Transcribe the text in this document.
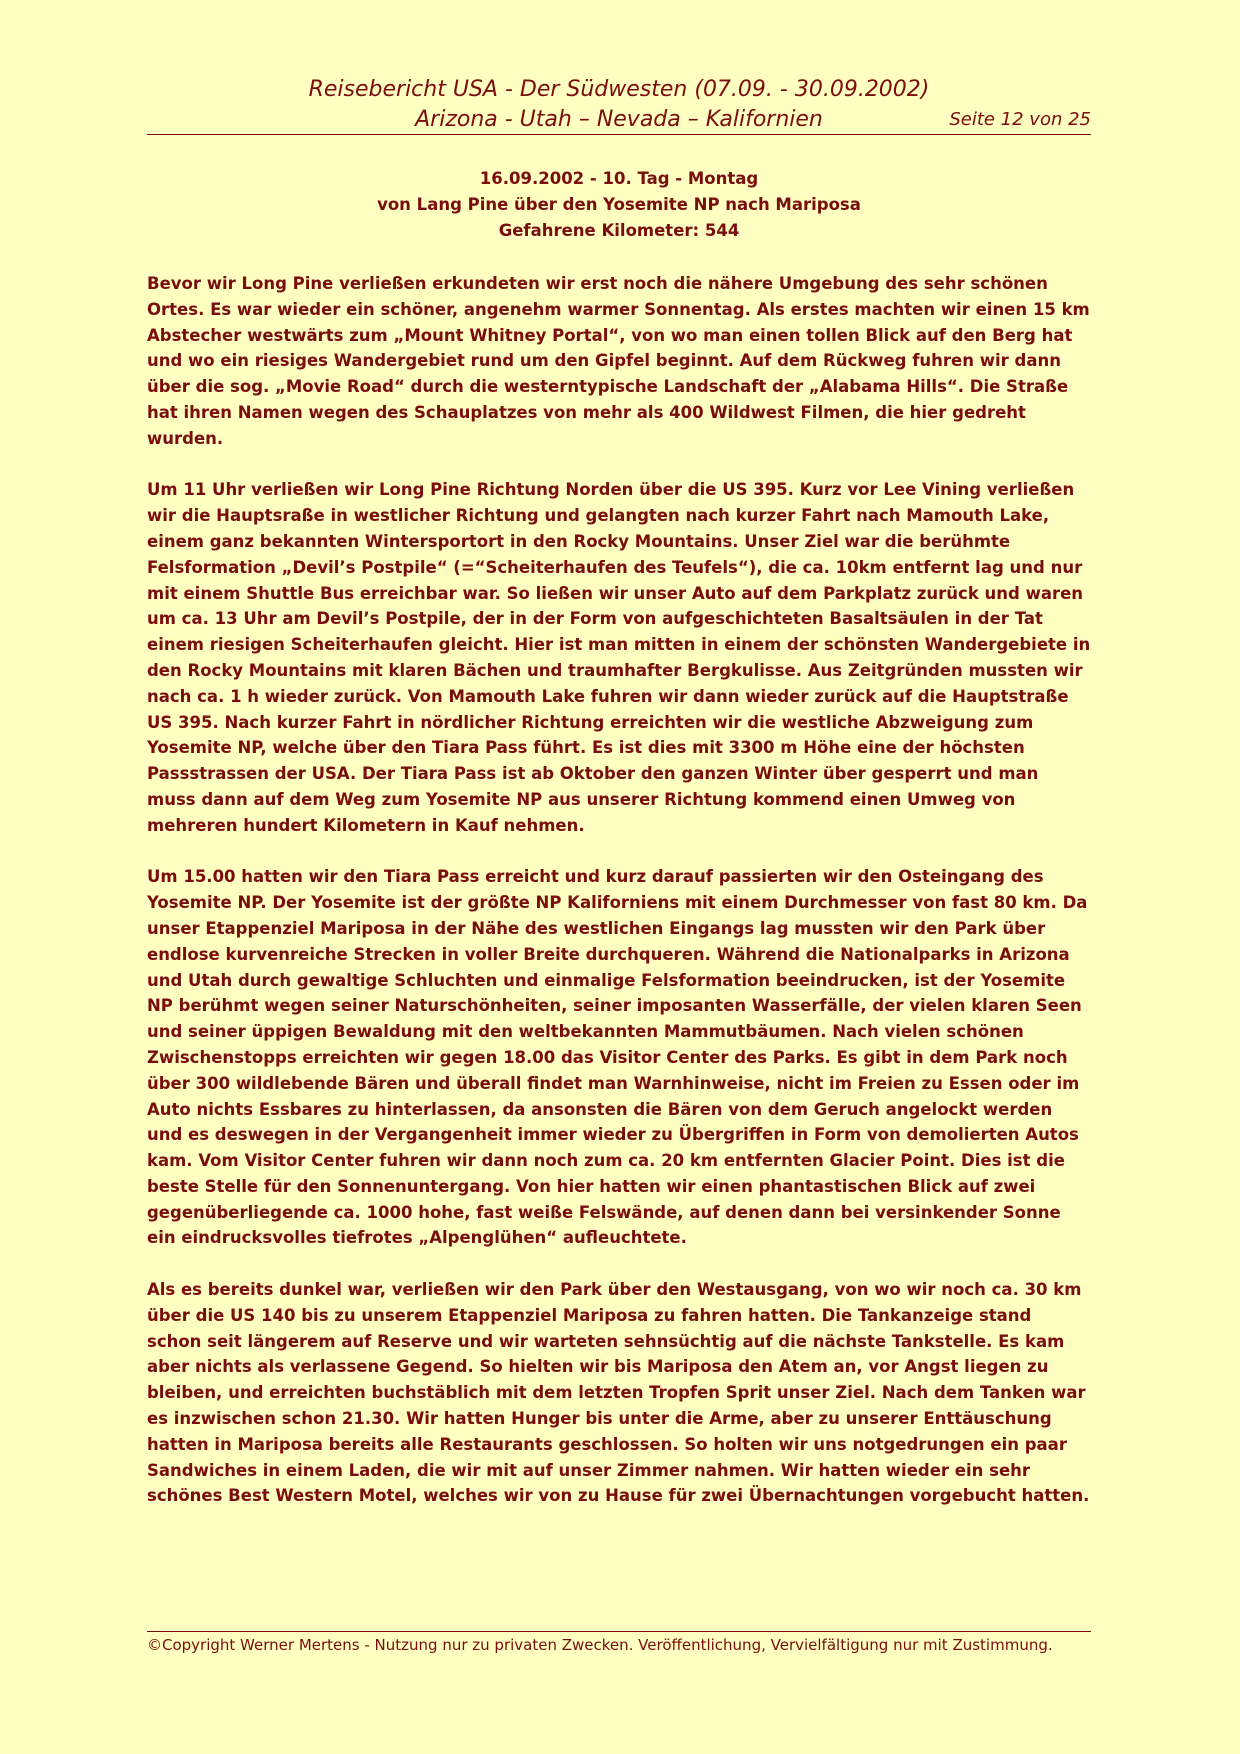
Reisebericht USA - Der Südwesten (07.09. - 30.09.2002)
Arizona - Utah – Nevada – Kalifornien	Seite 12 von 25
16.09.2002 - 10. Tag - Montag
von Lang Pine über den Yosemite NP nach Mariposa
Gefahrene Kilometer: 544

Bevor wir Long Pine verließen erkundeten wir erst noch die nähere Umgebung des sehr schönen Ortes. Es war wieder ein schöner, angenehm warmer Sonnentag. Als erstes machten wir einen 15 km Abstecher westwärts zum „Mount Whitney Portal“, von wo man einen tollen Blick auf den Berg hat und wo ein riesiges Wandergebiet rund um den Gipfel beginnt. Auf dem Rückweg fuhren wir dann über die sog. „Movie Road“ durch die westerntypische Landschaft der „Alabama Hills“. Die Straße hat ihren Namen wegen des Schauplatzes von mehr als 400 Wildwest Filmen, die hier gedreht wurden.

Um 11 Uhr verließen wir Long Pine Richtung Norden über die US 395. Kurz vor Lee Vining verließen wir die Hauptsraße in westlicher Richtung und gelangten nach kurzer Fahrt nach Mamouth Lake, einem ganz bekannten Wintersportort in den Rocky Mountains. Unser Ziel war die berühmte Felsformation „Devil’s Postpile“ (=“Scheiterhaufen des Teufels“), die ca. 10km entfernt lag und nur mit einem Shuttle Bus erreichbar war. So ließen wir unser Auto auf dem Parkplatz zurück und waren um ca. 13 Uhr am Devil’s Postpile, der in der Form von aufgeschichteten Basaltsäulen in der Tat einem riesigen Scheiterhaufen gleicht. Hier ist man mitten in einem der schönsten Wandergebiete in den Rocky Mountains mit klaren Bächen und traumhafter Bergkulisse. Aus Zeitgründen mussten wir nach ca. 1 h wieder zurück. Von Mamouth Lake fuhren wir dann wieder zurück auf die Hauptstraße US 395. Nach kurzer Fahrt in nördlicher Richtung erreichten wir die westliche Abzweigung zum Yosemite NP, welche über den Tiara Pass führt. Es ist dies mit 3300 m Höhe eine der höchsten Passstrassen der USA. Der Tiara Pass ist ab Oktober den ganzen Winter über gesperrt und man muss dann auf dem Weg zum Yosemite NP aus unserer Richtung kommend einen Umweg von mehreren hundert Kilometern in Kauf nehmen.

Um 15.00 hatten wir den Tiara Pass erreicht und kurz darauf passierten wir den Osteingang des Yosemite NP. Der Yosemite ist der größte NP Kaliforniens mit einem Durchmesser von fast 80 km. Da unser Etappenziel Mariposa in der Nähe des westlichen Eingangs lag mussten wir den Park über endlose kurvenreiche Strecken in voller Breite durchqueren. Während die Nationalparks in Arizona und Utah durch gewaltige Schluchten und einmalige Felsformation beeindrucken, ist der Yosemite NP berühmt wegen seiner Naturschönheiten, seiner imposanten Wasserfälle, der vielen klaren Seen und seiner üppigen Bewaldung mit den weltbekannten Mammutbäumen. Nach vielen schönen Zwischenstopps erreichten wir gegen 18.00 das Visitor Center des Parks. Es gibt in dem Park noch über 300 wildlebende Bären und überall findet man Warnhinweise, nicht im Freien zu Essen oder im Auto nichts Essbares zu hinterlassen, da ansonsten die Bären von dem Geruch angelockt werden und es deswegen in der Vergangenheit immer wieder zu Übergriffen in Form von demolierten Autos kam. Vom Visitor Center fuhren wir dann noch zum ca. 20 km entfernten Glacier Point. Dies ist die beste Stelle für den Sonnenuntergang. Von hier hatten wir einen phantastischen Blick auf zwei gegenüberliegende ca. 1000 hohe, fast weiße Felswände, auf denen dann bei versinkender Sonne ein eindrucksvolles tiefrotes „Alpenglühen“ aufleuchtete.

Als es bereits dunkel war, verließen wir den Park über den Westausgang, von wo wir noch ca. 30 km über die US 140 bis zu unserem Etappenziel Mariposa zu fahren hatten. Die Tankanzeige stand schon seit längerem auf Reserve und wir warteten sehnsüchtig auf die nächste Tankstelle. Es kam aber nichts als verlassene Gegend. So hielten wir bis Mariposa den Atem an, vor Angst liegen zu bleiben, und erreichten buchstäblich mit dem letzten Tropfen Sprit unser Ziel. Nach dem Tanken war es inzwischen schon 21.30. Wir hatten Hunger bis unter die Arme, aber zu unserer Enttäuschung hatten in Mariposa bereits alle Restaurants geschlossen. So holten wir uns notgedrungen ein paar Sandwiches in einem Laden, die wir mit auf unser Zimmer nahmen. Wir hatten wieder ein sehr schönes Best Western Motel, welches wir von zu Hause für zwei Übernachtungen vorgebucht hatten.

©Copyright Werner Mertens - Nutzung nur zu privaten Zwecken. Veröffentlichung, Vervielfältigung nur mit Zustimmung.
